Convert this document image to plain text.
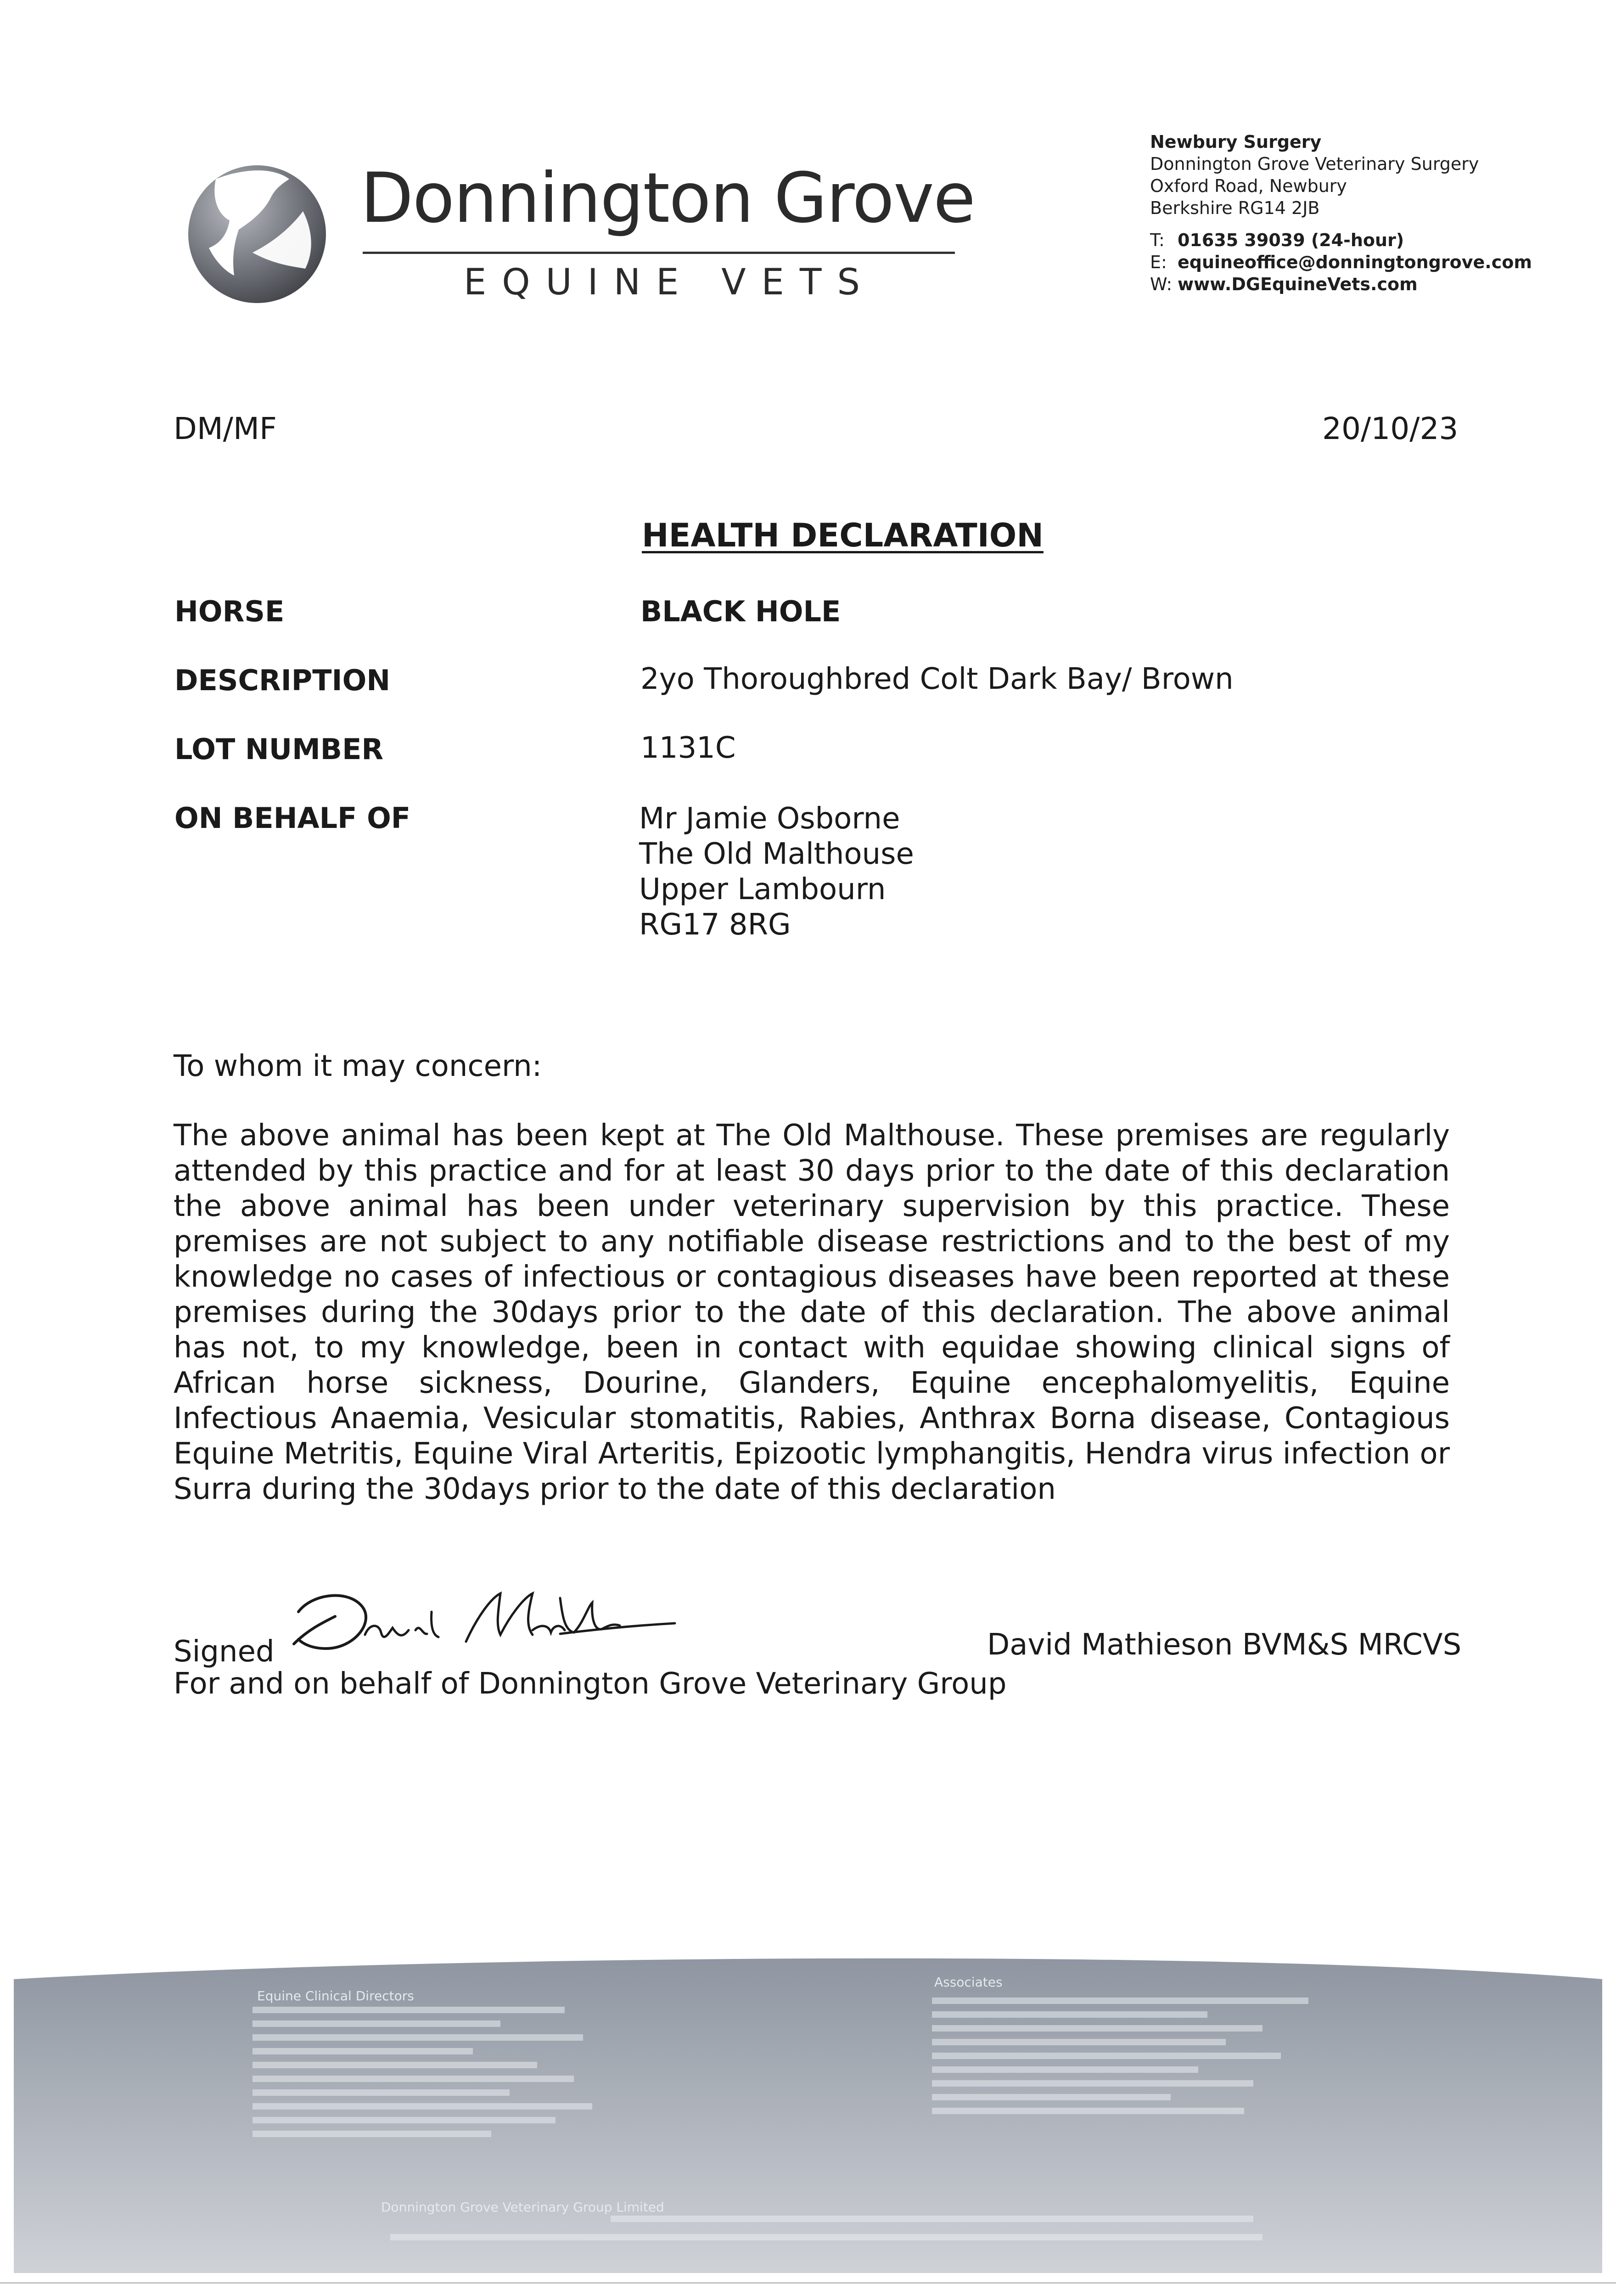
Donnington Grove
EQUINE VETS
Newbury Surgery
Donnington Grove Veterinary Surgery
Oxford Road, Newbury
Berkshire RG14 2JB
T: 01635 39039 (24-hour)
E: equineoffice@donningtongrove.com
W: www.DGEquineVets.com
DM/MF	20/10/23
HEALTH DECLARATION
HORSE	BLACK HOLE
DESCRIPTION	2yo Thoroughbred Colt Dark Bay/ Brown
LOT NUMBER	1131C
ON BEHALF OF	Mr Jamie Osborne
The Old Malthouse
Upper Lambourn
RG17 8RG
To whom it may concern:
The above animal has been kept at The Old Malthouse. These premises are regularly attended by this practice and for at least 30 days prior to the date of this declaration the above animal has been under veterinary supervision by this practice. These premises are not subject to any notifiable disease restrictions and to the best of my knowledge no cases of infectious or contagious diseases have been reported at these premises during the 30days prior to the date of this declaration. The above animal has not, to my knowledge, been in contact with equidae showing clinical signs of African horse sickness, Dourine, Glanders, Equine encephalomyelitis, Equine Infectious Anaemia, Vesicular stomatitis, Rabies, Anthrax Borna disease, Contagious Equine Metritis, Equine Viral Arteritis, Epizootic lymphangitis, Hendra virus infection or Surra during the 30days prior to the date of this declaration
Signed	David Mathieson BVM&S MRCVS
For and on behalf of Donnington Grove Veterinary Group
Equine Clinical Directors
Associates
Donnington Grove Veterinary Group Limited
